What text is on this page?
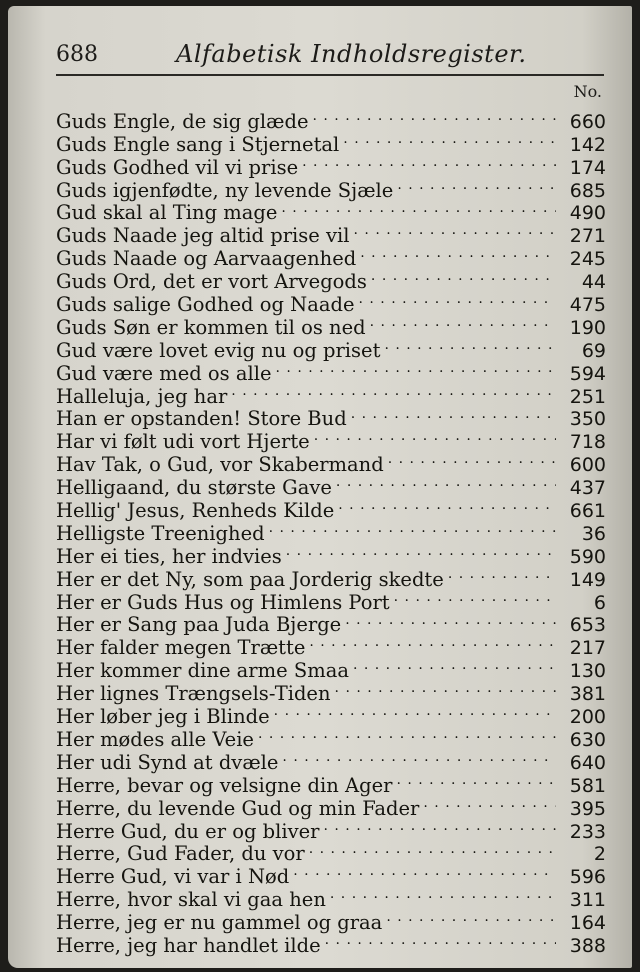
688	Alfabetisk Indholdsregister.
No.
Guds Engle, de sig glæde . . .	660
Guds Engle sang i Stjernetal . . .	142
Guds Godhed vil vi prise . . .	174
Guds igjenfødte, ny levende Sjæle . . .	685
Gud skal al Ting mage . . .	490
Guds Naade jeg altid prise vil . . .	271
Guds Naade og Aarvaagenhed . . .	245
Guds Ord, det er vort Arvegods . . .	44
Guds salige Godhed og Naade . . .	475
Guds Søn er kommen til os ned . . .	190
Gud være lovet evig nu og priset . . .	69
Gud være med os alle . . .	594
Halleluja, jeg har . . .	251
Han er opstanden! Store Bud . . .	350
Har vi følt udi vort Hjerte . . .	718
Hav Tak, o Gud, vor Skabermand . . .	600
Helligaand, du største Gave . . .	437
Hellig' Jesus, Renheds Kilde . . .	661
Helligste Treenighed . . .	36
Her ei ties, her indvies . . .	590
Her er det Ny, som paa Jorderig skedte . . .	149
Her er Guds Hus og Himlens Port . . .	6
Her er Sang paa Juda Bjerge . . .	653
Her falder megen Trætte . . .	217
Her kommer dine arme Smaa . . .	130
Her lignes Trængsels-Tiden . . .	381
Her løber jeg i Blinde . . .	200
Her mødes alle Veie . . .	630
Her udi Synd at dvæle . . .	640
Herre, bevar og velsigne din Ager . . .	581
Herre, du levende Gud og min Fader . . .	395
Herre Gud, du er og bliver . . .	233
Herre, Gud Fader, du vor . . .	2
Herre Gud, vi var i Nød . . .	596
Herre, hvor skal vi gaa hen . . .	311
Herre, jeg er nu gammel og graa . . .	164
Herre, jeg har handlet ilde . . .	388
